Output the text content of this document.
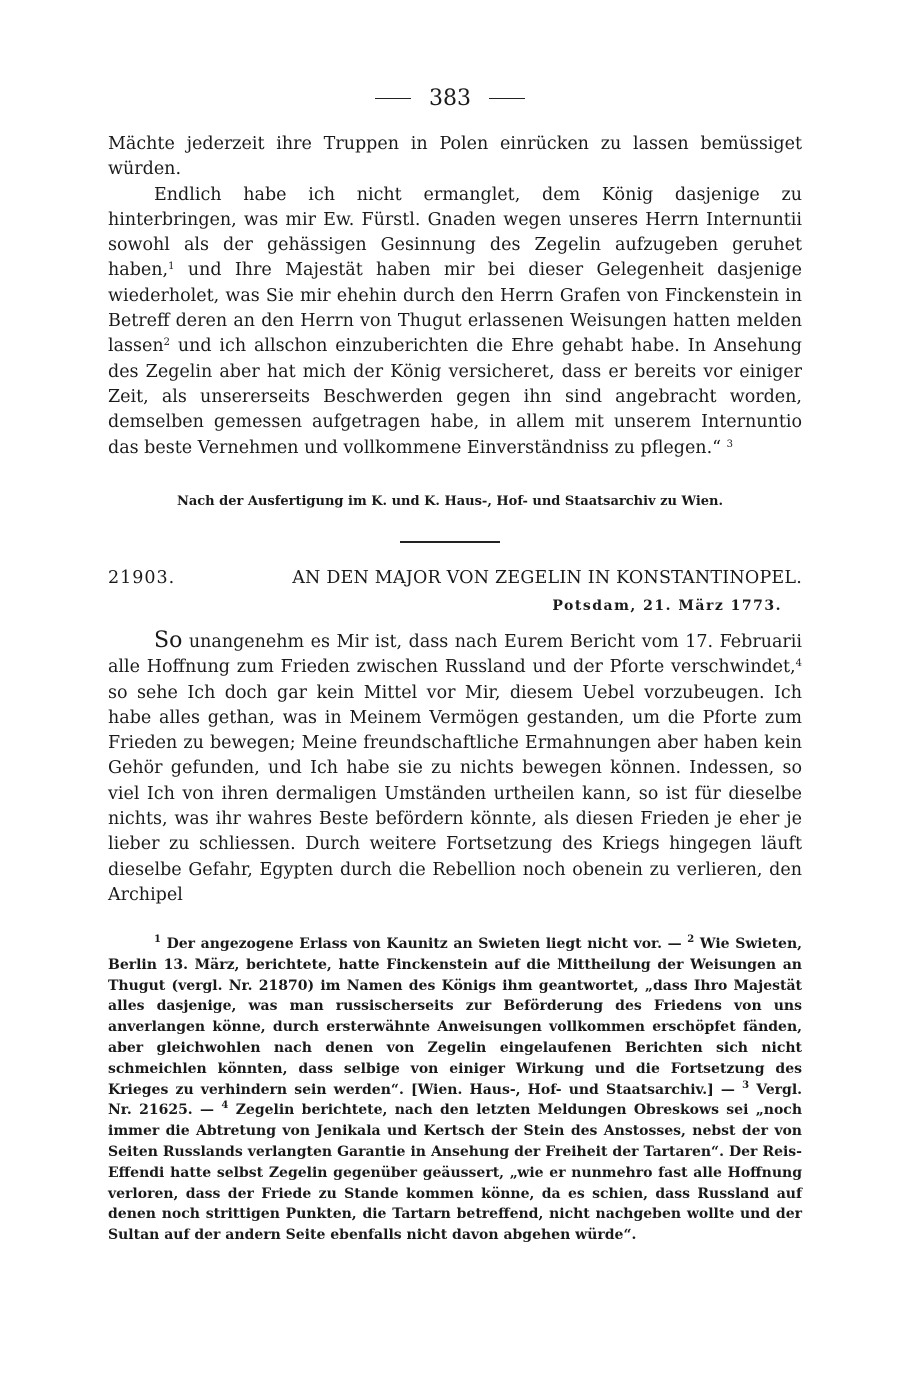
383

Mächte jederzeit ihre Truppen in Polen einrücken zu lassen bemüssiget würden.

Endlich habe ich nicht ermanglet, dem König dasjenige zu hinterbringen, was mir Ew. Fürstl. Gnaden wegen unseres Herrn Internuntii sowohl als der gehässigen Gesinnung des Zegelin aufzugeben geruhet haben,$^1$ und Ihre Majestät haben mir bei dieser Gelegenheit dasjenige wiederholet, was Sie mir ehehin durch den Herrn Grafen von Finckenstein in Betreff deren an den Herrn von Thugut erlassenen Weisungen hatten melden lassen$^2$ und ich allschon einzuberichten die Ehre gehabt habe. In Ansehung des Zegelin aber hat mich der König versicheret, dass er bereits vor einiger Zeit, als unsererseits Beschwerden gegen ihn sind angebracht worden, demselben gemessen aufgetragen habe, in allem mit unserem Internuntio das beste Vernehmen und vollkommene Einverständniss zu pflegen.“ $^3$

Nach der Ausfertigung im K. und K. Haus-, Hof- und Staatsarchiv zu Wien.
21903.	AN DEN MAJOR VON ZEGELIN IN KONSTANTINOPEL.
Potsdam, 21. März 1773.

So unangenehm es Mir ist, dass nach Eurem Bericht vom 17. Februarii alle Hoffnung zum Frieden zwischen Russland und der Pforte verschwindet,$^4$ so sehe Ich doch gar kein Mittel vor Mir, diesem Uebel vorzubeugen. Ich habe alles gethan, was in Meinem Vermögen gestanden, um die Pforte zum Frieden zu bewegen; Meine freundschaftliche Ermahnungen aber haben kein Gehör gefunden, und Ich habe sie zu nichts bewegen können. Indessen, so viel Ich von ihren dermaligen Umständen urtheilen kann, so ist für dieselbe nichts, was ihr wahres Beste befördern könnte, als diesen Frieden je eher je lieber zu schliessen. Durch weitere Fortsetzung des Kriegs hingegen läuft dieselbe Gefahr, Egypten durch die Rebellion noch obenein zu verlieren, den Archipel

$^1$ Der angezogene Erlass von Kaunitz an Swieten liegt nicht vor. — $^2$ Wie Swieten, Berlin 13. März, berichtete, hatte Finckenstein auf die Mittheilung der Weisungen an Thugut (vergl. Nr. 21870) im Namen des Königs ihm geantwortet, „dass Ihro Majestät alles dasjenige, was man russischerseits zur Beförderung des Friedens von uns anverlangen könne, durch ersterwähnte Anweisungen vollkommen erschöpfet fänden, aber gleichwohlen nach denen von Zegelin eingelaufenen Berichten sich nicht schmeichlen könnten, dass selbige von einiger Wirkung und die Fortsetzung des Krieges zu verhindern sein werden“. [Wien. Haus-, Hof- und Staatsarchiv.] — $^3$ Vergl. Nr. 21625. — $^4$ Zegelin berichtete, nach den letzten Meldungen Obreskows sei „noch immer die Abtretung von Jenikala und Kertsch der Stein des Anstosses, nebst der von Seiten Russlands verlangten Garantie in Ansehung der Freiheit der Tartaren“. Der Reis-Effendi hatte selbst Zegelin gegenüber geäussert, „wie er nunmehro fast alle Hoffnung verloren, dass der Friede zu Stande kommen könne, da es schien, dass Russland auf denen noch strittigen Punkten, die Tartarn betreffend, nicht nachgeben wollte und der Sultan auf der andern Seite ebenfalls nicht davon abgehen würde“.
